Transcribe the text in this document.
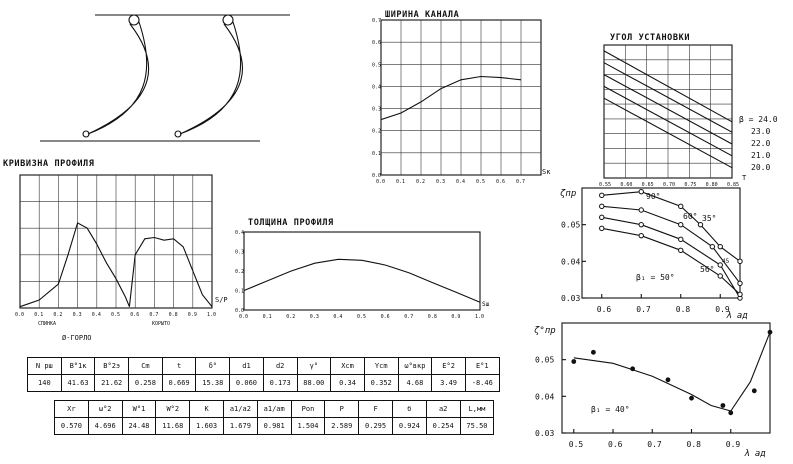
ШИРИНА КАНАЛА
0.0 0.1 0.2 0.3 0.4 0.5 0.6 0.7
0.0
0.1
0.2
0.3
0.4
0.5
0.6
0.7
Sк
УГОЛ УСТАНОВКИ
0.55 0.60 0.65 0.70 0.75 0.80 0.85
T
β = 24.0
23.0
22.0
21.0
20.0
КРИВИЗНА ПРОФИЛЯ
0.0 0.1 0.2 0.3 0.4 0.5 0.6 0.7 0.8 0.9 1.0
S/P
СПИНКА	КОРЫТО
Ø-ГОРЛО
ТОЛЩИНА ПРОФИЛЯ
0.0	0.1	0.2	0.3	0.4	0.5	0.6	0.7	0.8	0.9	1.0
0.0
0.1
0.2
0.3
0.4
Sш
0.6	0.7	0.8	0.9
0.05
0.04
0.03
ζпр
λ ад
90°
60° 35°
β₁ = 50°
56°
45
0.5	0.6	0.7	0.8	0.9
0.05
0.04
0.03
ζ°пр
λ ад
β₁ = 40°
N рш	B°1к	B°2э	Cm	t	δ°	d1	d2	γ°	Xcm	Ycm	ω°вкр	E°2	E°1
140	41.63	21.62	0.258	0.669	15.38	0.060	0.173	88.00	0.34	0.352	4.68	3.49	-8.46
Xr	ω°2	W°1	W°2	K	a1/a2	a1/am	Pon	P	F	б	a2	L,мм
0.570	4.696	24.48	11.68	1.603	1.679	0.981	1.504	2.589	0.295	0.924	0.254	75.50
